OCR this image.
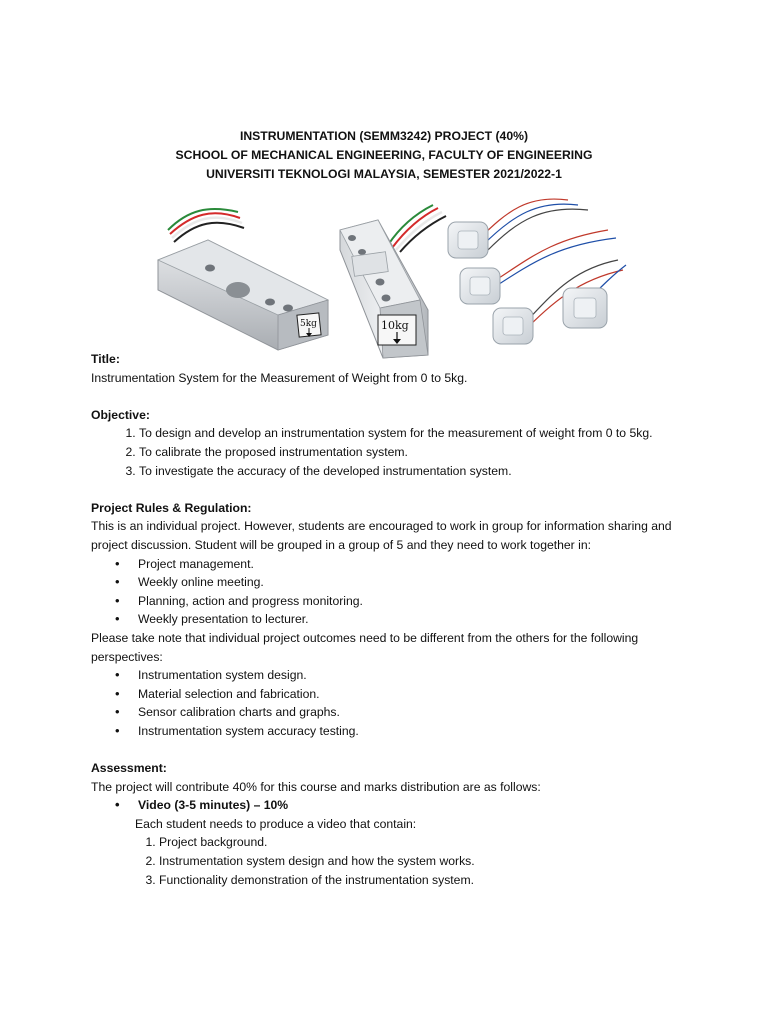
INSTRUMENTATION (SEMM3242) PROJECT (40%)
SCHOOL OF MECHANICAL ENGINEERING, FACULTY OF ENGINEERING
UNIVERSITI TEKNOLOGI MALAYSIA, SEMESTER 2021/2022-1
5kg	10kg

Title:

Instrumentation System for the Measurement of Weight from 0 to 5kg.

Objective:

1. To design and develop an instrumentation system for the measurement of weight from 0 to 5kg.
2. To calibrate the proposed instrumentation system.
3. To investigate the accuracy of the developed instrumentation system.

Project Rules & Regulation:

This is an individual project. However, students are encouraged to work in group for information sharing and project discussion. Student will be grouped in a group of 5 and they need to work together in:

• Project management.
• Weekly online meeting.
• Planning, action and progress monitoring.
• Weekly presentation to lecturer.

Please take note that individual project outcomes need to be different from the others for the following perspectives:

• Instrumentation system design.
• Material selection and fabrication.
• Sensor calibration charts and graphs.
• Instrumentation system accuracy testing.

Assessment:

The project will contribute 40% for this course and marks distribution are as follows:

• Video (3-5 minutes) – 10%

Each student needs to produce a video that contain:

1. Project background.
2. Instrumentation system design and how the system works.
3. Functionality demonstration of the instrumentation system.
